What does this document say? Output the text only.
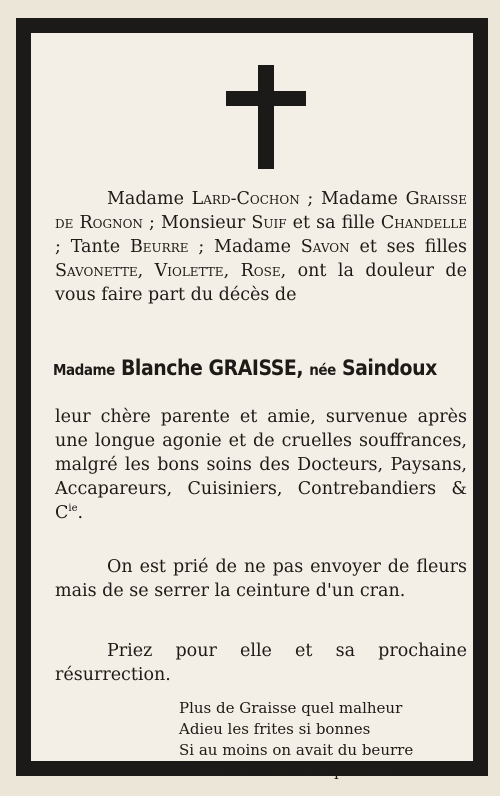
Madame Lard-Cochon ; Madame Graisse de Rognon ; Monsieur Suif et sa fille Chandelle ; Tante Beurre ; Madame Savon et ses filles Savonette, Violette, Rose, ont la douleur de vous faire part du décès de
Madame Blanche GRAISSE, née Saindoux
leur chère parente et amie, survenue après une longue agonie et de cruelles souffrances, malgré les bons soins des Docteurs, Paysans, Accapareurs, Cuisiniers, Contrebandiers & $C^{ie}$.
On est prié de ne pas envoyer de fleurs mais de se serrer la ceinture d'un cran.
Priez pour elle et sa prochaine résurrection.
Plus de Graisse quel malheur
Adieu les frites si bonnes
Si au moins on avait du beurre
Pour faire cuire nos pommes.
